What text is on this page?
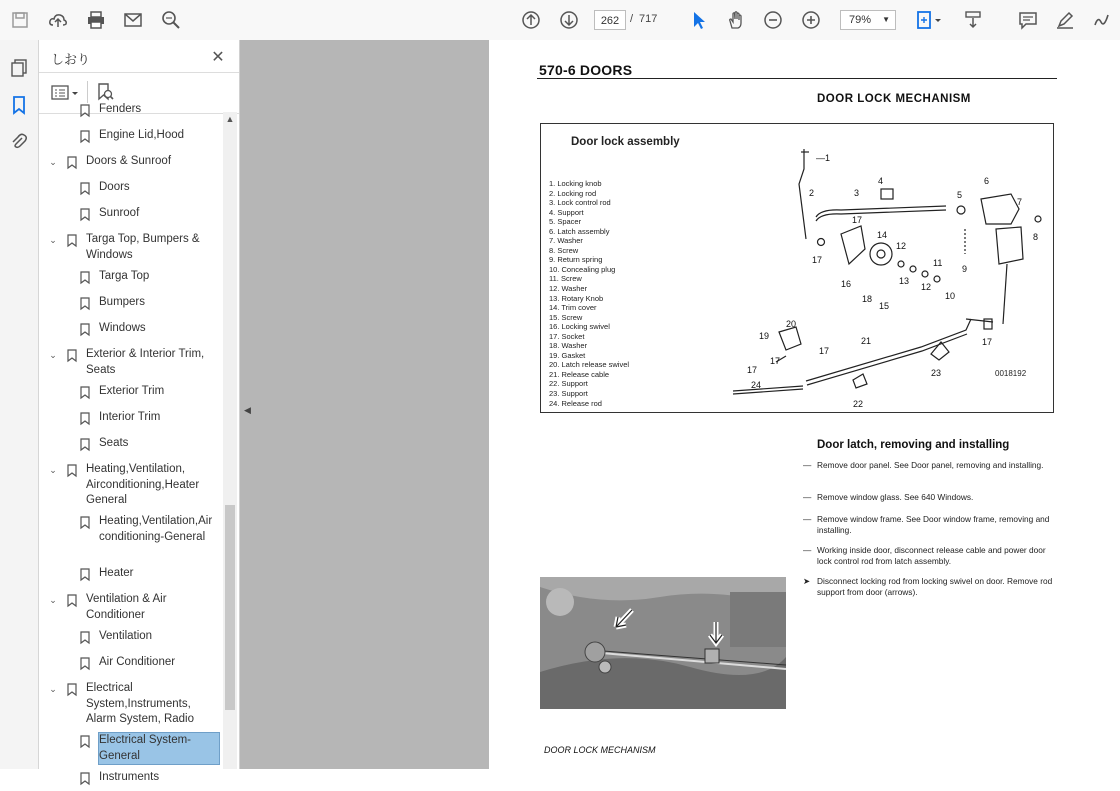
262 / 717	79% ▼
しおり	✕
Fenders
Engine Lid,Hood
⌄	Doors & Sunroof
Doors
Sunroof
⌄	Targa Top, Bumpers & Windows
Targa Top
Bumpers
Windows
⌄	Exterior & Interior Trim, Seats
Exterior Trim
Interior Trim
Seats
⌄	Heating,Ventilation, Airconditioning,Heater General
Heating,Ventilation,Air conditioning-General
Heater
⌄	Ventilation & Air Conditioner
Ventilation
Air Conditioner
⌄	Electrical System,Instruments, Alarm System, Radio
Electrical System-General
Instruments
▲
◀
570-6 DOORS
DOOR LOCK MECHANISM
Door lock assembly
1. Locking knob
2. Locking rod
3. Lock control rod
4. Support
5. Spacer
6. Latch assembly
7. Washer
8. Screw
9. Return spring
10. Concealing plug
11. Screw
12. Washer
13. Rotary Knob
14. Trim cover
15. Screw
16. Locking swivel
17. Socket
18. Washer
19. Gasket
20. Latch release swivel
21. Release cable
22. Support
23. Support
24. Release rod
0018192
—1
2	3
4
5
6
7
8
9
10
11
12
12
13
14
15
16
17
17
17
17
17
17
18
19
20
21
22
23
24
Door latch, removing and installing
— Remove door panel. See Door panel, removing and installing.
— Remove window glass. See 640 Windows.
— Remove window frame. See Door window frame, removing and installing.
— Working inside door, disconnect release cable and power door lock control rod from latch assembly.
➤ Disconnect locking rod from locking swivel on door. Remove rod support from door (arrows).
DOOR LOCK MECHANISM
